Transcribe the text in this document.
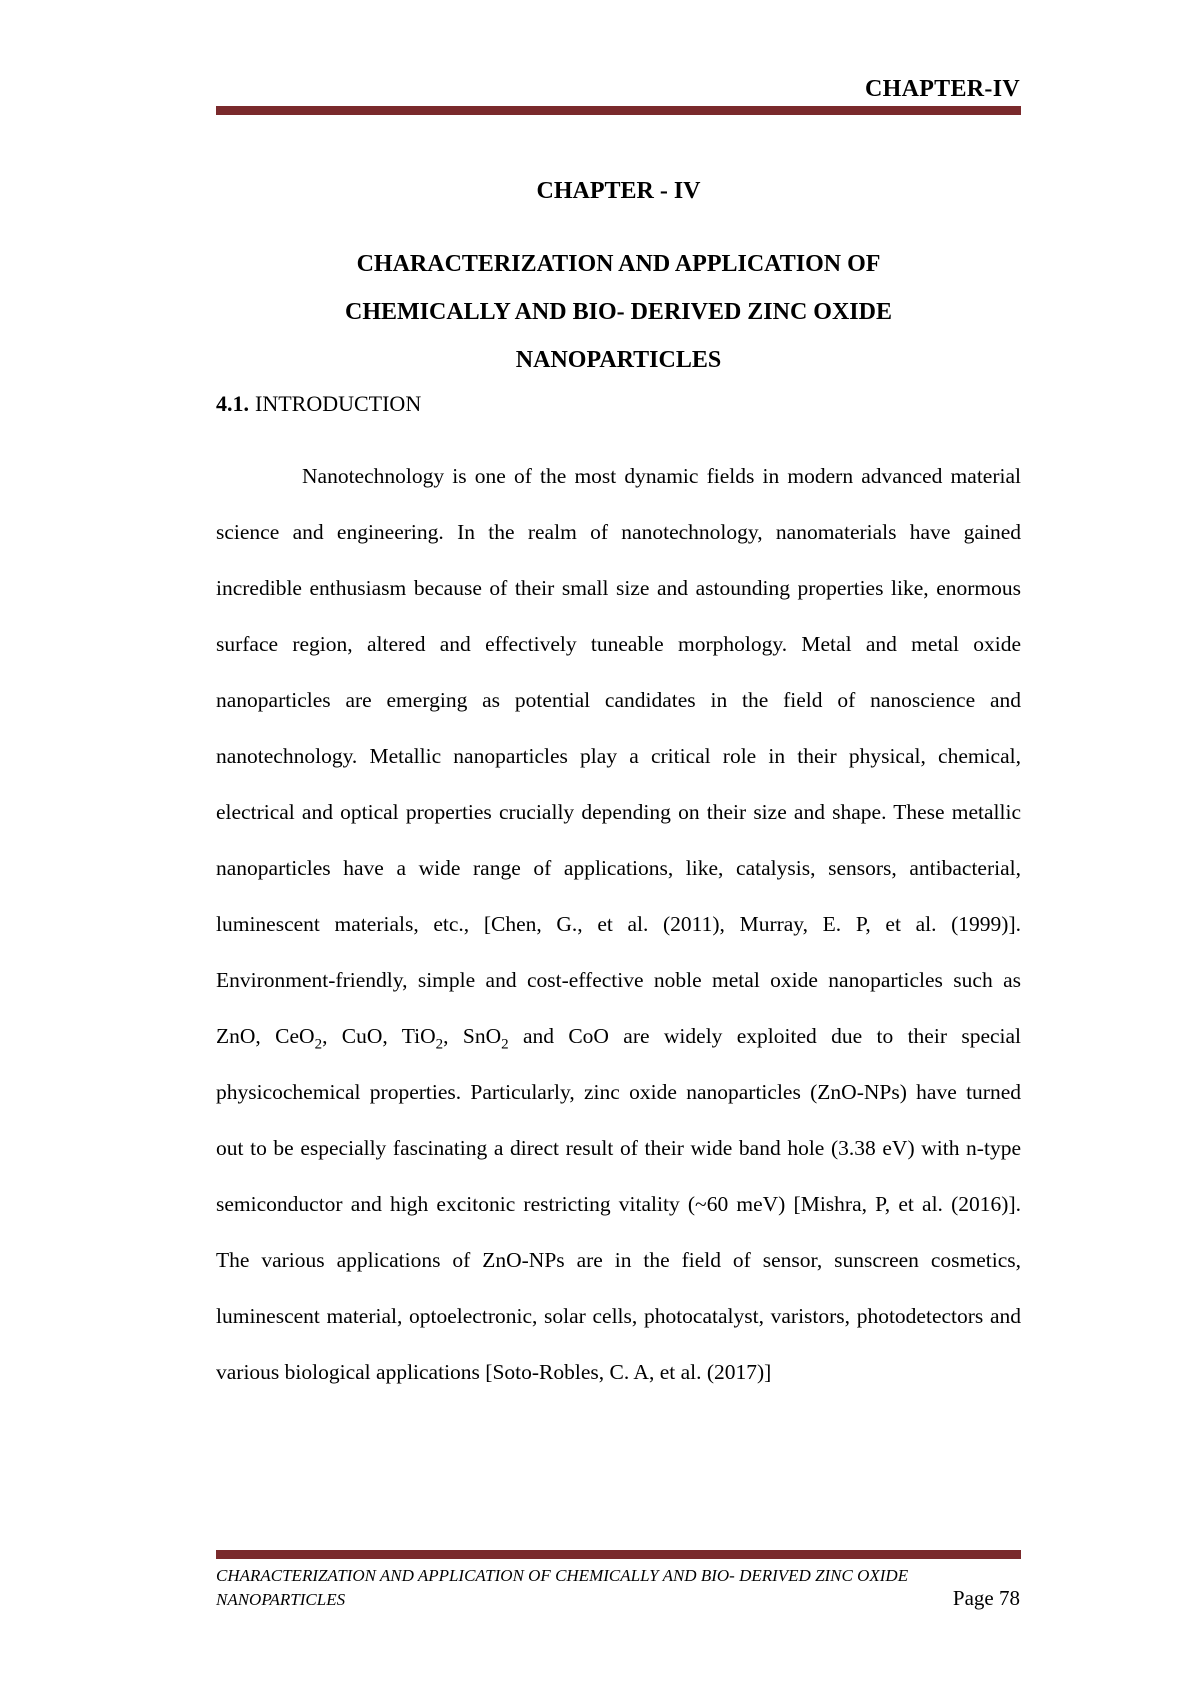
CHAPTER-IV
CHAPTER - IV
CHARACTERIZATION AND APPLICATION OF
CHEMICALLY AND BIO- DERIVED ZINC OXIDE
NANOPARTICLES
4.1. INTRODUCTION

Nanotechnology is one of the most dynamic fields in modern advanced material science and engineering. In the realm of nanotechnology, nanomaterials have gained incredible enthusiasm because of their small size and astounding properties like, enormous surface region, altered and effectively tuneable morphology. Metal and metal oxide nanoparticles are emerging as potential candidates in the field of nanoscience and nanotechnology. Metallic nanoparticles play a critical role in their physical, chemical, electrical and optical properties crucially depending on their size and shape. These metallic nanoparticles have a wide range of applications, like, catalysis, sensors, antibacterial, luminescent materials, etc., [Chen, G., et al. (2011), Murray, E. P, et al. (1999)]. Environment-friendly, simple and cost-effective noble metal oxide nanoparticles such as ZnO, CeO$_2$, CuO, TiO$_2$, SnO$_2$ and CoO are widely exploited due to their special physicochemical properties. Particularly, zinc oxide nanoparticles (ZnO-NPs) have turned out to be especially fascinating a direct result of their wide band hole (3.38 eV) with n-type semiconductor and high excitonic restricting vitality (~60 meV) [Mishra, P, et al. (2016)]. The various applications of ZnO-NPs are in the field of sensor, sunscreen cosmetics, luminescent material, optoelectronic, solar cells, photocatalyst, varistors, photodetectors and various biological applications [Soto-Robles, C. A, et al. (2017)]

CHARACTERIZATION AND APPLICATION OF CHEMICALLY AND BIO- DERIVED ZINC OXIDE NANOPARTICLES	Page 78
